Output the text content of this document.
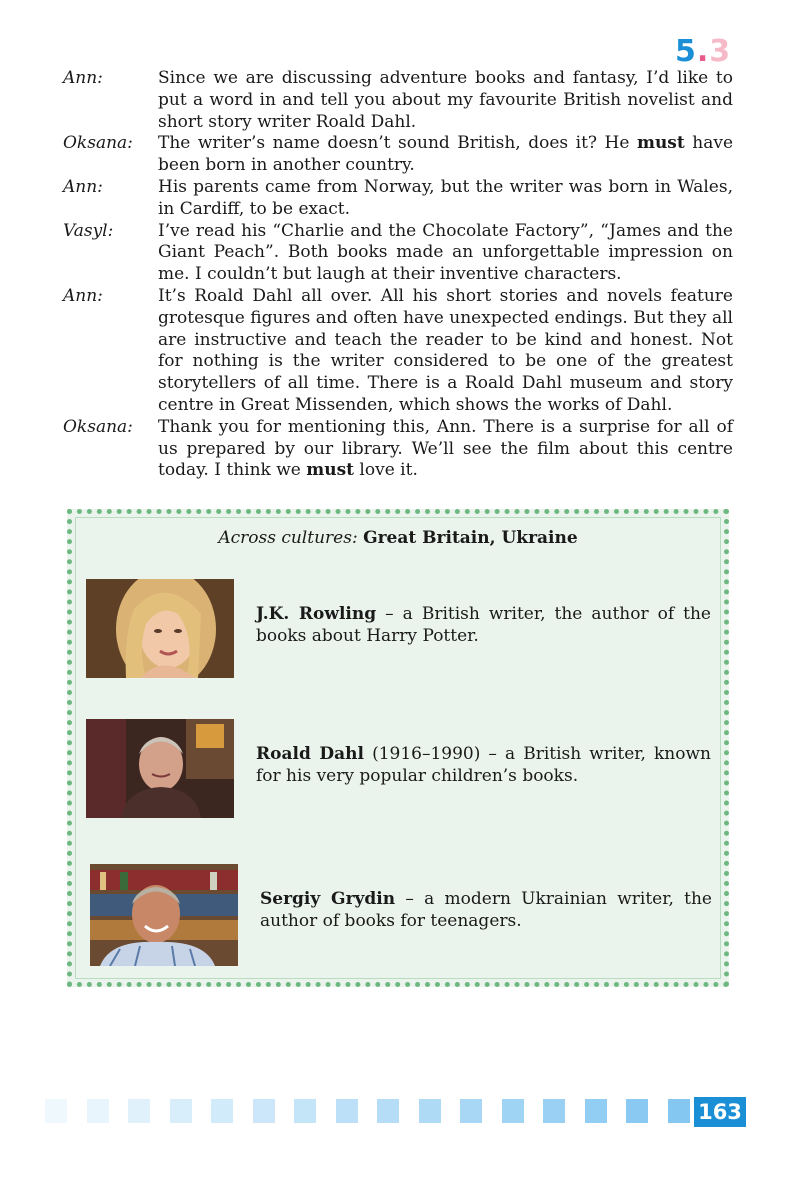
5.3
Ann:	Since we are discussing adventure books and fantasy, I’d like to put a word in and tell you about my favourite British novelist and short story writer Roald Dahl.
Oksana:	The writer’s name doesn’t sound British, does it? He must have been born in another country.
Ann:	His parents came from Norway, but the writer was born in Wales, in Cardiff, to be exact.
Vasyl:	I’ve read his “Charlie and the Chocolate Factory”, “James and the Giant Peach”. Both books made an unforgettable impression on me. I couldn’t but laugh at their inventive characters.
Ann:	It’s Roald Dahl all over. All his short stories and novels feature grotesque figures and often have unexpected endings. But they all are instructive and teach the reader to be kind and honest. Not for nothing is the writer considered to be one of the greatest storytellers of all time. There is a Roald Dahl museum and story centre in Great Missenden, which shows the works of Dahl.
Oksana:	Thank you for mentioning this, Ann. There is a surprise for all of us prepared by our library. We’ll see the film about this centre today. I think we must love it.
Across cultures: Great Britain, Ukraine
J.K. Rowling – a British writer, the author of the books about Harry Potter.
Roald Dahl (1916–1990) – a British writer, known for his very popular children’s books.
Sergiy Grydin – a modern Ukrainian writer, the author of books for teenagers.
163
